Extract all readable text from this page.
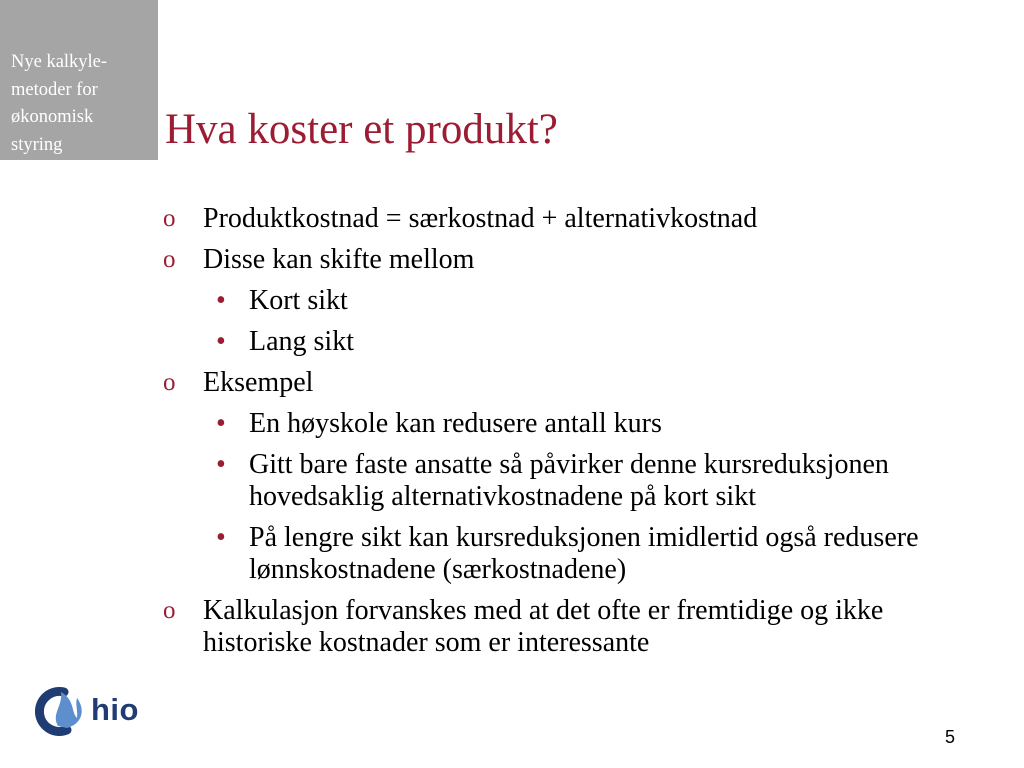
Nye kalkyle-
metoder for
økonomisk
styring	Hva koster et produkt?
o Produktkostnad = særkostnad + alternativkostnad
o Disse kan skifte mellom
• Kort sikt
• Lang sikt
o Eksempel
• En høyskole kan redusere antall kurs
• Gitt bare faste ansatte så påvirker denne kursreduksjonen hovedsaklig alternativkostnadene på kort sikt
• På lengre sikt kan kursreduksjonen imidlertid også redusere lønnskostnadene (særkostnadene)
o Kalkulasjon forvanskes med at det ofte er fremtidige og ikke historiske kostnader som er interessante
hio
5
